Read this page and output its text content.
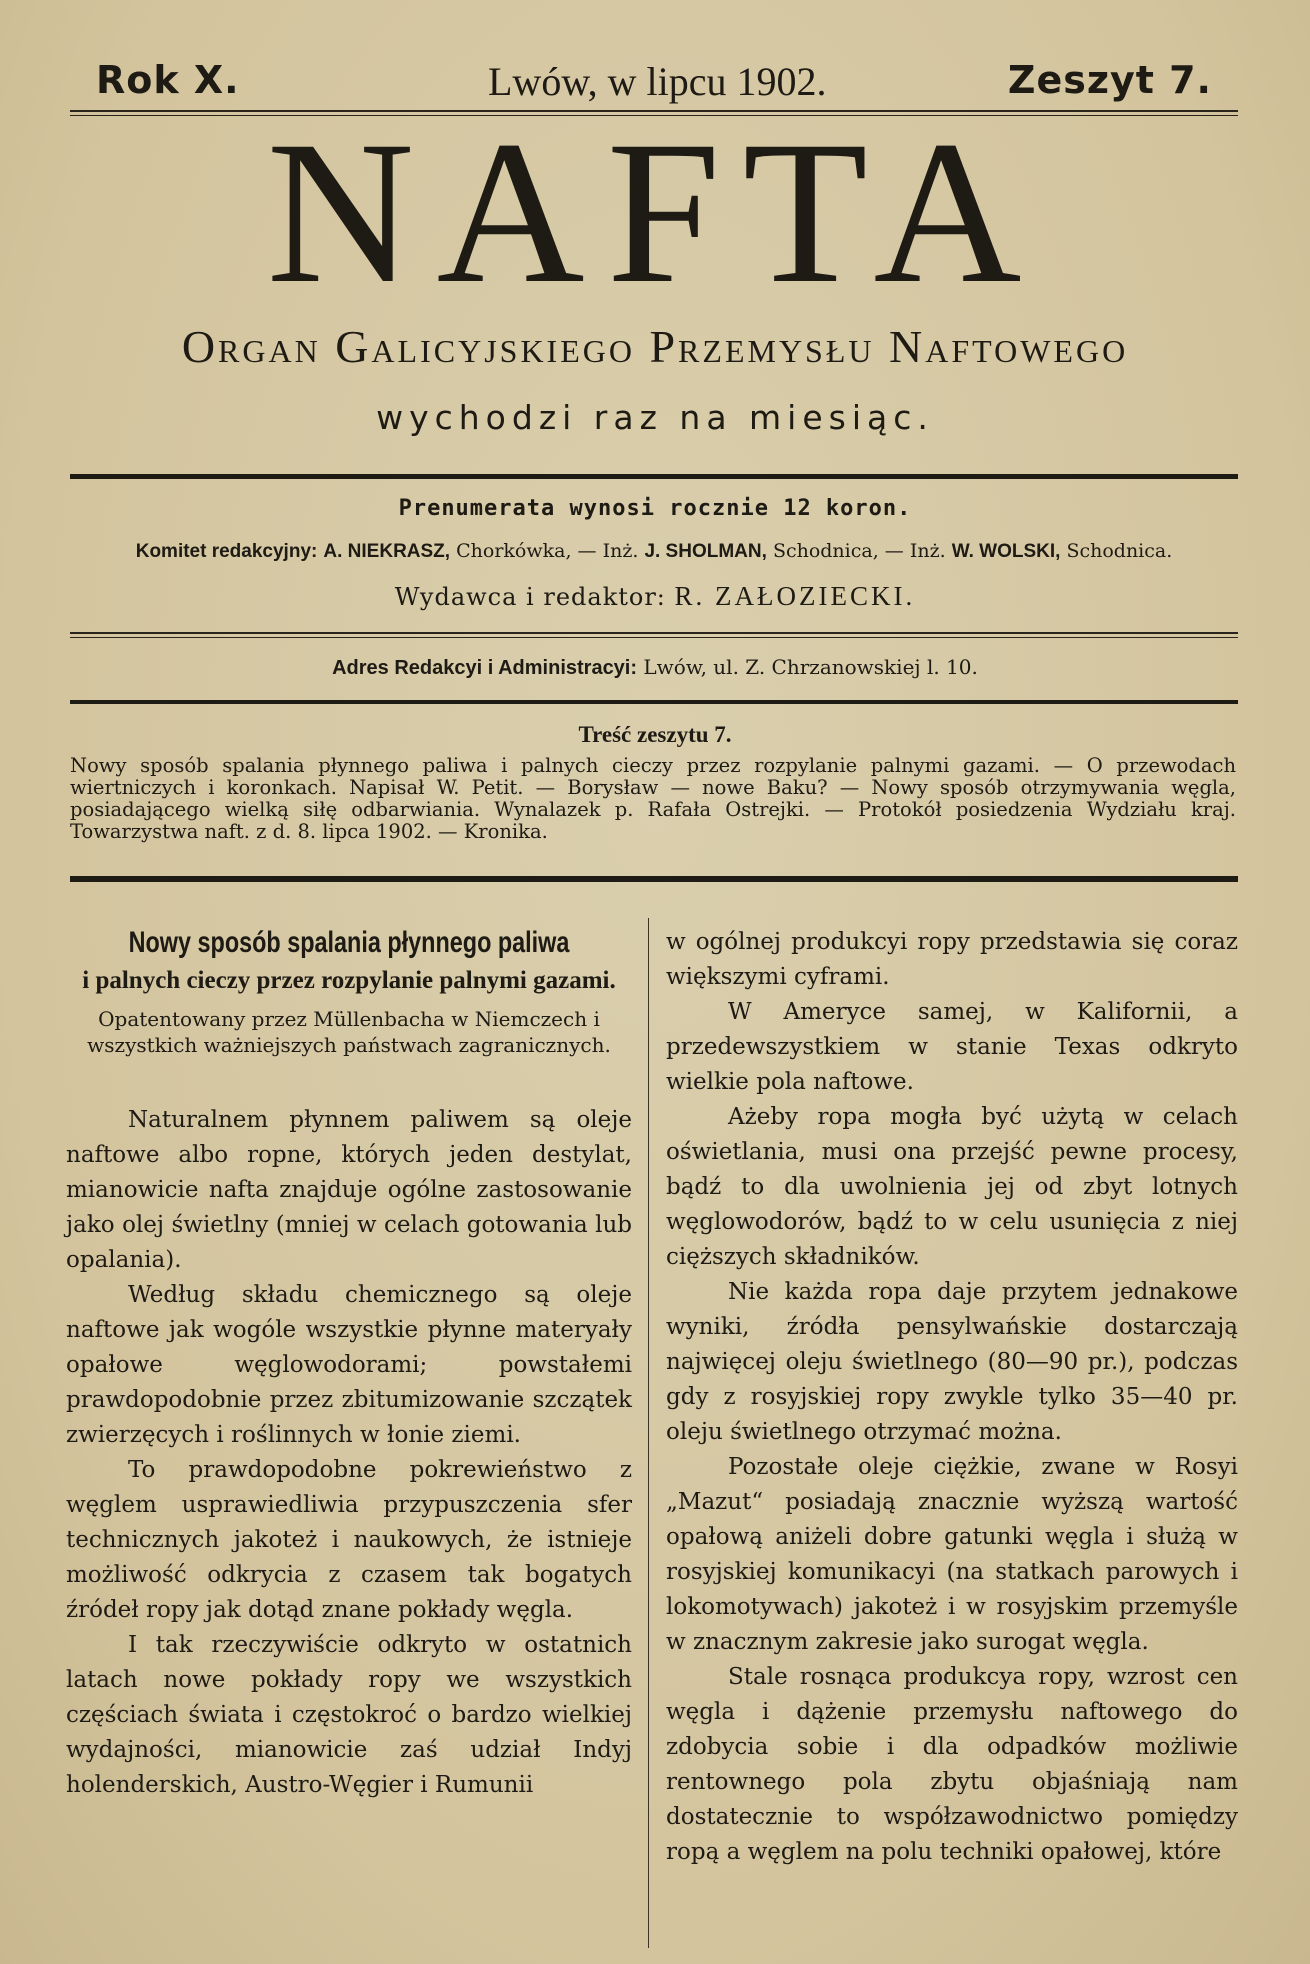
Rok X.	Lwów, w lipcu 1902.	Zeszyt 7.
NAFTA
Organ Galicyjskiego Przemysłu Naftowego
wychodzi raz na miesiąc.
Prenumerata wynosi rocznie 12 koron.
Komitet redakcyjny: A. NIEKRASZ, Chorkówka, — Inż. J. SHOLMAN, Schodnica, — Inż. W. WOLSKI, Schodnica.
Wydawca i redaktor: R. ZAŁOZIECKI.
Adres Redakcyi i Administracyi: Lwów, ul. Z. Chrzanowskiej l. 10.
Treść zeszytu 7.
Nowy sposób spalania płynnego paliwa i palnych cieczy przez rozpylanie palnymi gazami. — O przewodach wiertniczych i koronkach. Napisał W. Petit. — Borysław — nowe Baku? — Nowy sposób otrzymywania węgla, posiadającego wielką siłę odbarwiania. Wynalazek p. Rafała Ostrejki. — Protokół posiedzenia Wydziału kraj. Towarzystwa naft. z d. 8. lipca 1902. — Kronika.
Nowy sposób spalania płynnego paliwa
i palnych cieczy przez rozpylanie palnymi gazami.
Opatentowany przez Müllenbacha w Niemczech i wszystkich ważniejszych państwach zagranicznych.

Naturalnem płynnem paliwem są oleje naftowe albo ropne, których jeden destylat, mianowicie nafta znajduje ogólne zastosowanie jako olej świetlny (mniej w celach gotowania lub opalania).

Według składu chemicznego są oleje naftowe jak wogóle wszystkie płynne materyały opałowe węglowodorami; powstałemi prawdopodobnie przez zbitumizowanie szczątek zwierzęcych i roślinnych w łonie ziemi.

To prawdopodobne pokrewieństwo z węglem usprawiedliwia przypuszczenia sfer technicznych jakoteż i naukowych, że istnieje możliwość odkrycia z czasem tak bogatych źródeł ropy jak dotąd znane pokłady węgla.

I tak rzeczywiście odkryto w ostatnich latach nowe pokłady ropy we wszystkich częściach świata i częstokroć o bardzo wielkiej wydajności, mianowicie zaś udział Indyj holenderskich, Austro-Węgier i Rumunii

w ogólnej produkcyi ropy przedstawia się coraz większymi cyframi.

W Ameryce samej, w Kalifornii, a przedewszystkiem w stanie Texas odkryto wielkie pola naftowe.

Ażeby ropa mogła być użytą w celach oświetlania, musi ona przejść pewne procesy, bądź to dla uwolnienia jej od zbyt lotnych węglowodorów, bądź to w celu usunięcia z niej cięższych składników.

Nie każda ropa daje przytem jednakowe wyniki, źródła pensylwańskie dostarczają najwięcej oleju świetlnego (80—90 pr.), podczas gdy z rosyjskiej ropy zwykle tylko 35—40 pr. oleju świetlnego otrzymać można.

Pozostałe oleje ciężkie, zwane w Rosyi „Mazut“ posiadają znacznie wyższą wartość opałową aniżeli dobre gatunki węgla i służą w rosyjskiej komunikacyi (na statkach parowych i lokomotywach) jakoteż i w rosyjskim przemyśle w znacznym zakresie jako surogat węgla.

Stale rosnąca produkcya ropy, wzrost cen węgla i dążenie przemysłu naftowego do zdobycia sobie i dla odpadków możliwie rentownego pola zbytu objaśniają nam dostatecznie to współzawodnictwo pomiędzy ropą a węglem na polu techniki opałowej, które
